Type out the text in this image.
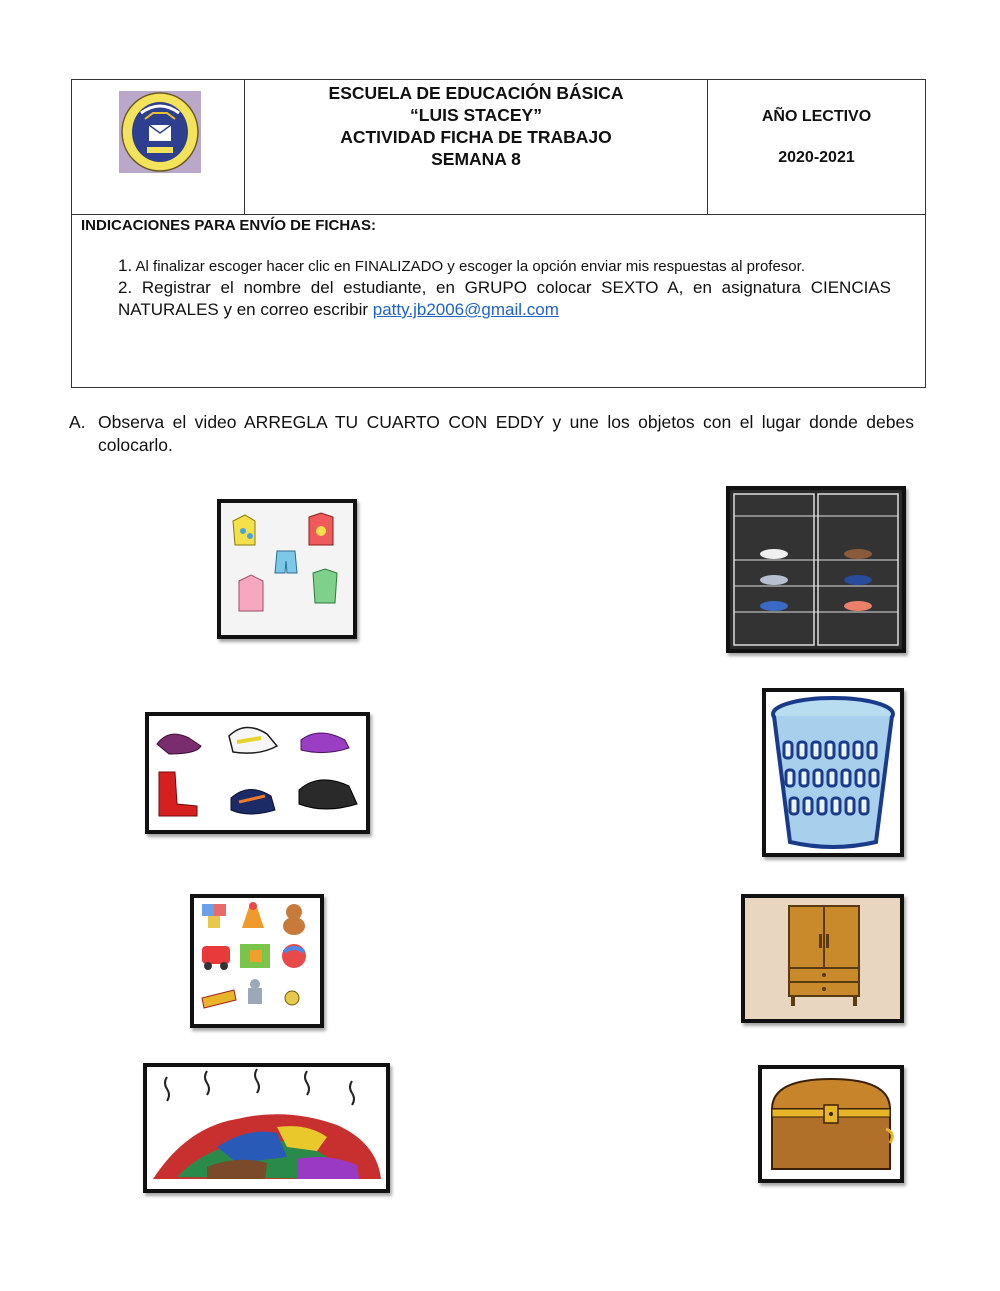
ESCUELA DE EDUCACIÓN BÁSICA
“LUIS STACEY”
ACTIVIDAD FICHA DE TRABAJO
SEMANA 8
AÑO LECTIVO
2020-2021
INDICACIONES PARA ENVÍO DE FICHAS:
1. Al finalizar escoger hacer clic en FINALIZADO y escoger la opción enviar mis respuestas al profesor.
2. Registrar el nombre del estudiante, en GRUPO colocar SEXTO A, en asignatura CIENCIAS NATURALES y en correo escribir patty.jb2006@gmail.com
A. Observa el video ARREGLA TU CUARTO CON EDDY y une los objetos con el lugar donde debes colocarlo.
